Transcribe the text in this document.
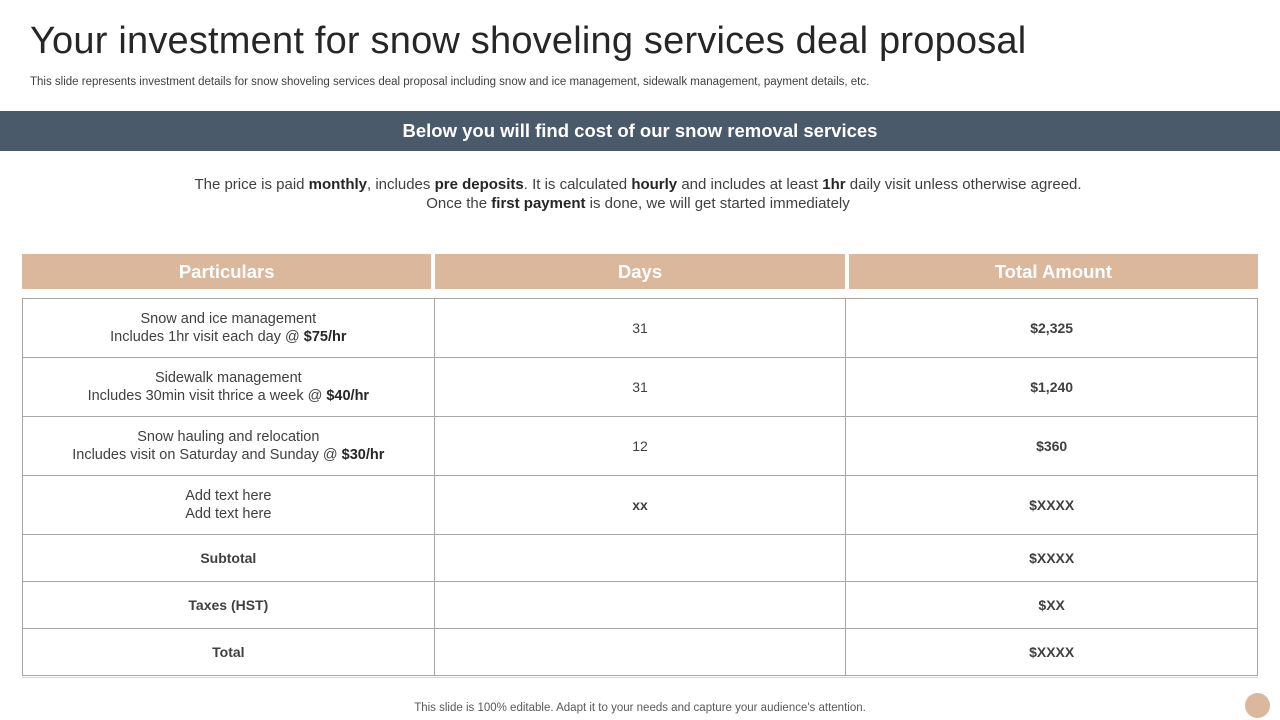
Your investment for snow shoveling services deal proposal
This slide represents investment details for snow shoveling services deal proposal including snow and ice management, sidewalk management, payment details, etc.
Below you will find cost of our snow removal services
The price is paid monthly, includes pre deposits. It is calculated hourly and includes at least 1hr daily visit unless otherwise agreed.
Once the first payment is done, we will get started immediately
Particulars	Days	Total Amount
Snow and ice management
Includes 1hr visit each day @ $75/hr	31	$2,325

Sidewalk management
Includes 30min visit thrice a week @ $40/hr	31	$1,240

Snow hauling and relocation
Includes visit on Saturday and Sunday @ $30/hr	12	$360

Add text here
Add text here	xx	$XXXX
Subtotal		$XXXX
Taxes (HST)		$XX
Total		$XXXX
This slide is 100% editable. Adapt it to your needs and capture your audience's attention.
